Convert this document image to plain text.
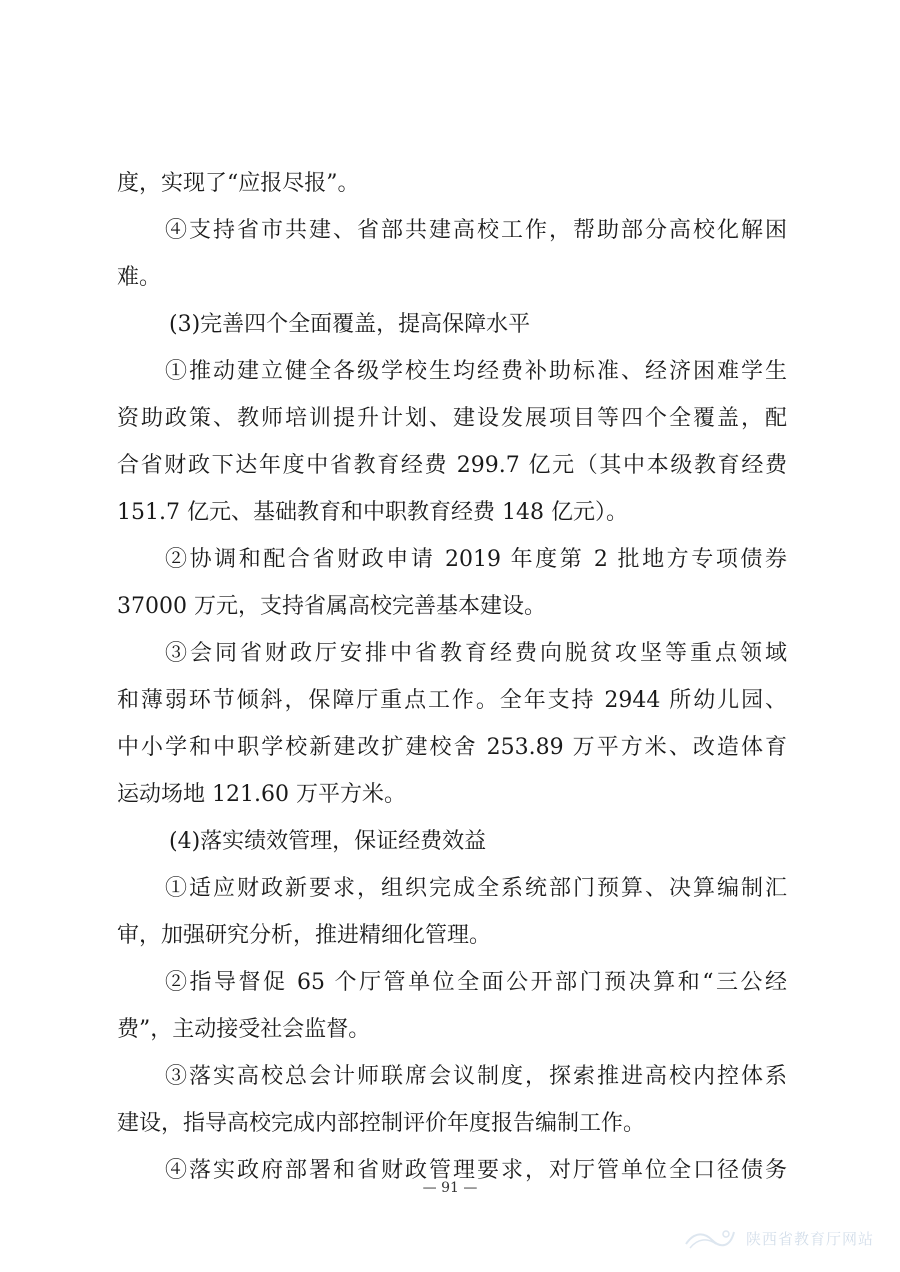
度，实现了“应报尽报”。
④支持省市共建、省部共建高校工作，帮助部分高校化解困
难。
(3)完善四个全面覆盖，提高保障水平
①推动建立健全各级学校生均经费补助标准、经济困难学生
资助政策、教师培训提升计划、建设发展项目等四个全覆盖，配
合省财政下达年度中省教育经费 299.7 亿元（其中本级教育经费
151.7 亿元、基础教育和中职教育经费 148 亿元）。
②协调和配合省财政申请 2019 年度第 2 批地方专项债券
37000 万元，支持省属高校完善基本建设。
③会同省财政厅安排中省教育经费向脱贫攻坚等重点领域
和薄弱环节倾斜，保障厅重点工作。全年支持 2944 所幼儿园、
中小学和中职学校新建改扩建校舍 253.89 万平方米、改造体育
运动场地 121.60 万平方米。
(4)落实绩效管理，保证经费效益
①适应财政新要求，组织完成全系统部门预算、决算编制汇
审，加强研究分析，推进精细化管理。
②指导督促 65 个厅管单位全面公开部门预决算和“三公经
费”，主动接受社会监督。
③落实高校总会计师联席会议制度，探索推进高校内控体系
建设，指导高校完成内部控制评价年度报告编制工作。
④落实政府部署和省财政管理要求，对厅管单位全口径债务
— 91 —
陕西省教育厅网站
